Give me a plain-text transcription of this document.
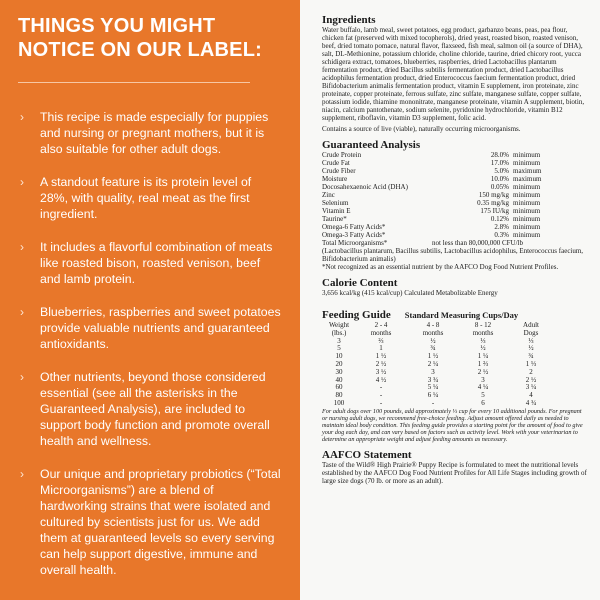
THINGS YOU MIGHT
NOTICE ON OUR LABEL:
› This recipe is made especially for puppies and nursing or pregnant mothers, but it is also suitable for other adult dogs.
› A standout feature is its protein level of 28%, with quality, real meat as the first ingredient.
› It includes a flavorful combination of meats like roasted bison, roasted venison, beef and lamb protein.
› Blueberries, raspberries and sweet potatoes provide valuable nutrients and guaranteed antioxidants.
› Other nutrients, beyond those considered essential (see all the asterisks in the Guaranteed Analysis), are included to support body function and promote overall health and wellness.
› Our unique and proprietary probiotics (“Total Microorganisms”) are a blend of hardworking strains that were isolated and cultured by scientists just for us. We add them at guaranteed levels so every serving can help support digestive, immune and overall health.
Ingredients

Water buffalo, lamb meal, sweet potatoes, egg product, garbanzo beans, peas, pea flour, chicken fat (preserved with mixed tocopherols), dried yeast, roasted bison, roasted venison, beef, dried tomato pomace, natural flavor, flaxseed, fish meal, salmon oil (a source of DHA), salt, DL-Methionine, potassium chloride, choline chloride, taurine, dried chicory root, yucca schidigera extract, tomatoes, blueberries, raspberries, dried Lactobacillus plantarum fermentation product, dried Bacillus subtilis fermentation product, dried Lactobacillus acidophilus fermentation product, dried Enterococcus faecium fermentation product, dried Bifidobacterium animalis fermentation product, vitamin E supplement, iron proteinate, zinc proteinate, copper proteinate, ferrous sulfate, zinc sulfate, manganese sulfate, copper sulfate, potassium iodide, thiamine mononitrate, manganese proteinate, vitamin A supplement, biotin, niacin, calcium pantothenate, sodium selenite, pyridoxine hydrochloride, vitamin B12 supplement, riboflavin, vitamin D3 supplement, folic acid.

Contains a source of live (viable), naturally occurring microorganisms.

Guaranteed Analysis
Crude Protein	28.0% minimum
Crude Fat	17.0% minimum
Crude Fiber	5.0% maximum
Moisture	10.0% maximum
Docosahexaenoic Acid (DHA)	0.05% minimum
Zinc	150 mg/kg minimum
Selenium	0.35 mg/kg minimum
Vitamin E	175 IU/kg minimum
Taurine*	0.12% minimum
Omega-6 Fatty Acids*	2.8% minimum
Omega-3 Fatty Acids*	0.3% minimum
Total Microorganisms*	not less than 80,000,000 CFU/lb

(Lactobacillus plantarum, Bacillus subtilis, Lactobacillus acidophilus, Enterococcus faecium, Bifidobacterium animalis)

*Not recognized as an essential nutrient by the AAFCO Dog Food Nutrient Profiles.

Calorie Content

3,656 kcal/kg (415 kcal/cup) Calculated Metabolizable Energy

Feeding Guide Standard Measuring Cups/Day
Weight	2 - 4	4 - 8	8 - 12	Adult
(lbs.)	months	months	months	Dogs
3	⅔	½	⅓	⅓
5	1	¾	½	½
10	1 ½	1 ½	1 ¼	¾
20	2 ½	2 ¼	1 ⅔	1 ⅓
30	3 ½	3	2 ½	2
40	4 ½	3 ¾	3	2 ½
60	-	5 ¼	4 ¼	3 ¼
80	-	6 ¼	5	4
100	-	-	6	4 ¾

For adult dogs over 100 pounds, add approximately ⅓ cup for every 10 additional pounds. For pregnant or nursing adult dogs, we recommend free-choice feeding. Adjust amount offered daily as needed to maintain ideal body condition. This feeding guide provides a starting point for the amount of food to give your dog each day, and can vary based on factors such as activity level. Work with your veterinarian to determine an appropriate weight and adjust feeding amounts as necessary.

AAFCO Statement

Taste of the Wild® High Prairie® Puppy Recipe is formulated to meet the nutritional levels established by the AAFCO Dog Food Nutrient Profiles for All Life Stages including growth of large size dogs (70 lb. or more as an adult).
